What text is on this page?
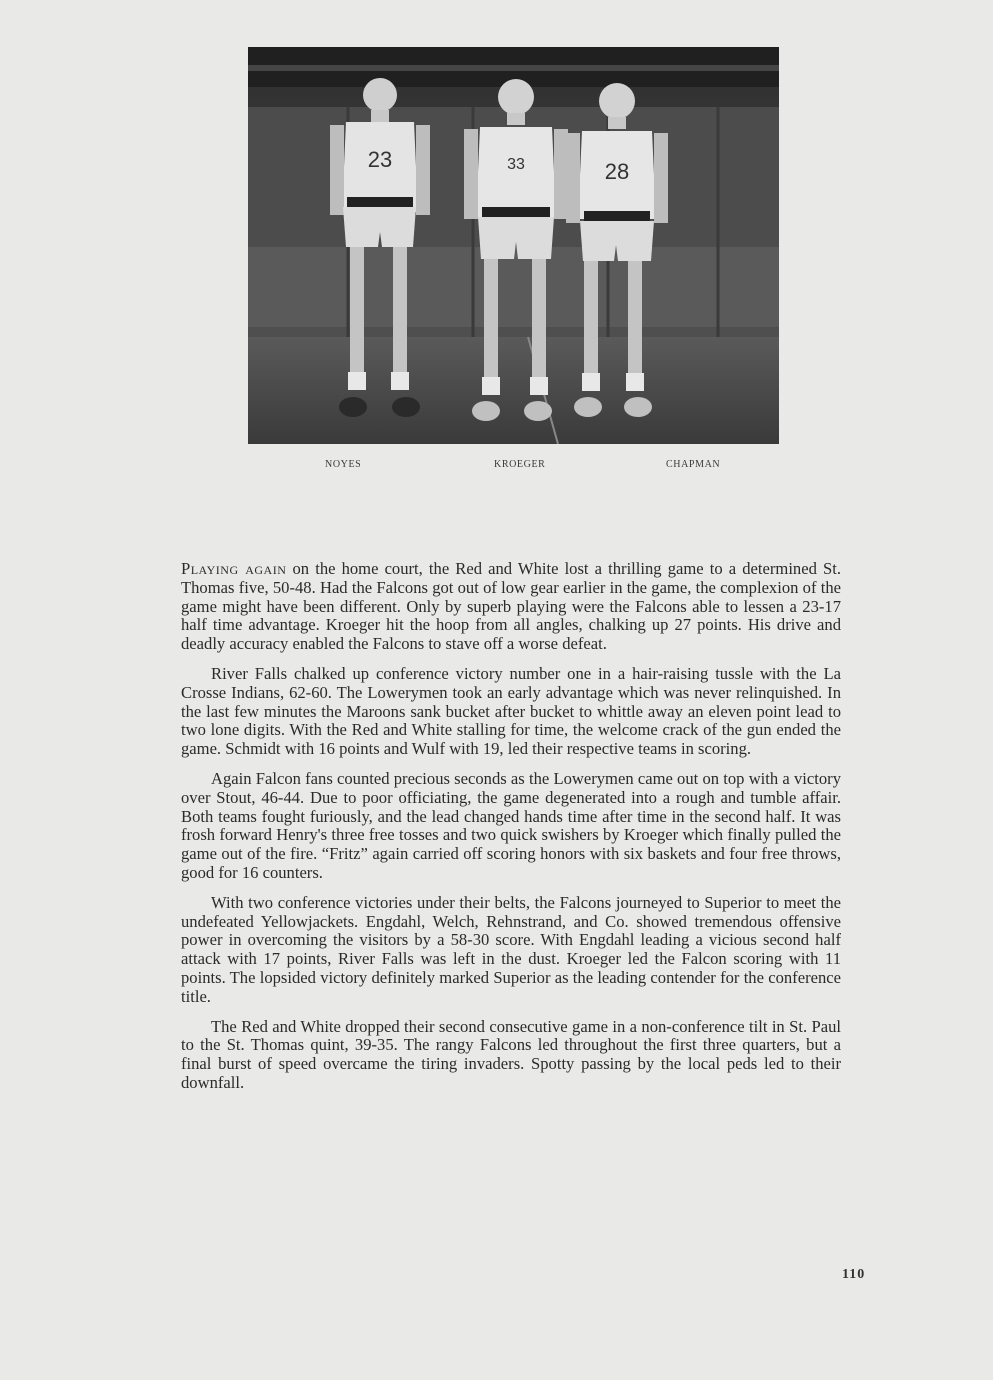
23	33	28
NOYES	KROEGER	CHAPMAN

Playing again on the home court, the Red and White lost a thrilling game to a determined St. Thomas five, 50-48. Had the Falcons got out of low gear earlier in the game, the complexion of the game might have been different. Only by superb playing were the Falcons able to lessen a 23-17 half time advantage. Kroeger hit the hoop from all angles, chalking up 27 points. His drive and deadly accuracy enabled the Falcons to stave off a worse defeat.

River Falls chalked up conference victory number one in a hair-raising tussle with the La Crosse Indians, 62-60. The Lowerymen took an early advantage which was never relinquished. In the last few minutes the Maroons sank bucket after bucket to whittle away an eleven point lead to two lone digits. With the Red and White stalling for time, the welcome crack of the gun ended the game. Schmidt with 16 points and Wulf with 19, led their respective teams in scoring.

Again Falcon fans counted precious seconds as the Lowerymen came out on top with a victory over Stout, 46-44. Due to poor officiating, the game degenerated into a rough and tumble affair. Both teams fought furiously, and the lead changed hands time after time in the second half. It was frosh forward Henry's three free tosses and two quick swishers by Kroeger which finally pulled the game out of the fire. “Fritz” again carried off scoring honors with six baskets and four free throws, good for 16 counters.

With two conference victories under their belts, the Falcons journeyed to Superior to meet the undefeated Yellowjackets. Engdahl, Welch, Rehnstrand, and Co. showed tremendous offensive power in overcoming the visitors by a 58-30 score. With Engdahl leading a vicious second half attack with 17 points, River Falls was left in the dust. Kroeger led the Falcon scoring with 11 points. The lopsided victory definitely marked Superior as the leading contender for the conference title.

The Red and White dropped their second consecutive game in a non-conference tilt in St. Paul to the St. Thomas quint, 39-35. The rangy Falcons led throughout the first three quarters, but a final burst of speed overcame the tiring invaders. Spotty passing by the local peds led to their downfall.

110
